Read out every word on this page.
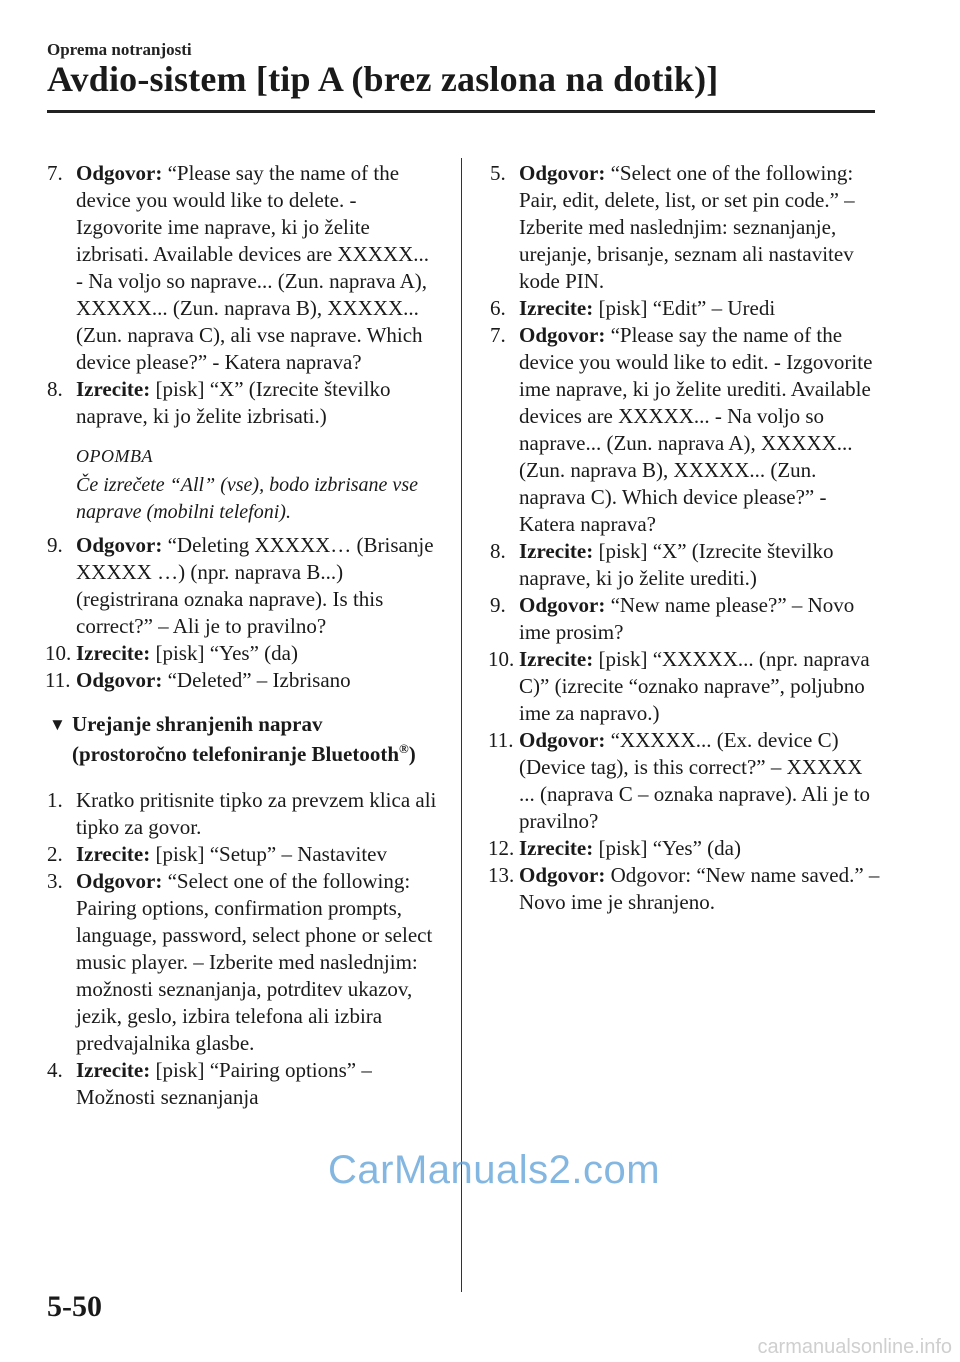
Oprema notranjosti
Avdio-sistem [tip A (brez zaslona na dotik)]

7. Odgovor: “Please say the name of the device you would like to delete. - Izgovorite ime naprave, ki jo želite izbrisati. Available devices are XXXXX... - Na voljo so naprave... (Zun. naprava A), XXXXX... (Zun. naprava B), XXXXX... (Zun. naprava C), ali vse naprave. Which device please?” - Katera naprava?

8. Izrecite: [pisk] “X” (Izrecite številko naprave, ki jo želite izbrisati.)

OPOMBA
Če izrečete “All” (vse), bodo izbrisane vse naprave (mobilni telefoni).

9. Odgovor: “Deleting XXXXX… (Brisanje XXXXX …) (npr. naprava B...) (registrirana oznaka naprave). Is this correct?” – Ali je to pravilno?

10. Izrecite: [pisk] “Yes” (da)

11. Odgovor: “Deleted” – Izbrisano

▼ Urejanje shranjenih naprav (prostoročno telefoniranje Bluetooth®)

1. Kratko pritisnite tipko za prevzem klica ali tipko za govor.

2. Izrecite: [pisk] “Setup” – Nastavitev

3. Odgovor: “Select one of the following: Pairing options, confirmation prompts, language, password, select phone or select music player. – Izberite med naslednjim: možnosti seznanjanja, potrditev ukazov, jezik, geslo, izbira telefona ali izbira predvajalnika glasbe.

4. Izrecite: [pisk] “Pairing options” – Možnosti seznanjanja

5. Odgovor: “Select one of the following: Pair, edit, delete, list, or set pin code.” – Izberite med naslednjim: seznanjanje, urejanje, brisanje, seznam ali nastavitev kode PIN.

6. Izrecite: [pisk] “Edit” – Uredi

7. Odgovor: “Please say the name of the device you would like to edit. - Izgovorite ime naprave, ki jo želite urediti. Available devices are XXXXX... - Na voljo so naprave... (Zun. naprava A), XXXXX... (Zun. naprava B), XXXXX... (Zun. naprava C). Which device please?” - Katera naprava?

8. Izrecite: [pisk] “X” (Izrecite številko naprave, ki jo želite urediti.)

9. Odgovor: “New name please?” – Novo ime prosim?

10. Izrecite: [pisk] “XXXXX... (npr. naprava C)” (izrecite “oznako naprave”, poljubno ime za napravo.)

11. Odgovor: “XXXXX... (Ex. device C) (Device tag), is this correct?” – XXXXX ... (naprava C – oznaka naprave). Ali je to pravilno?

12. Izrecite: [pisk] “Yes” (da)

13. Odgovor: Odgovor: “New name saved.” – Novo ime je shranjeno.

CarManuals2.com
5-50
carmanualsonline.info
